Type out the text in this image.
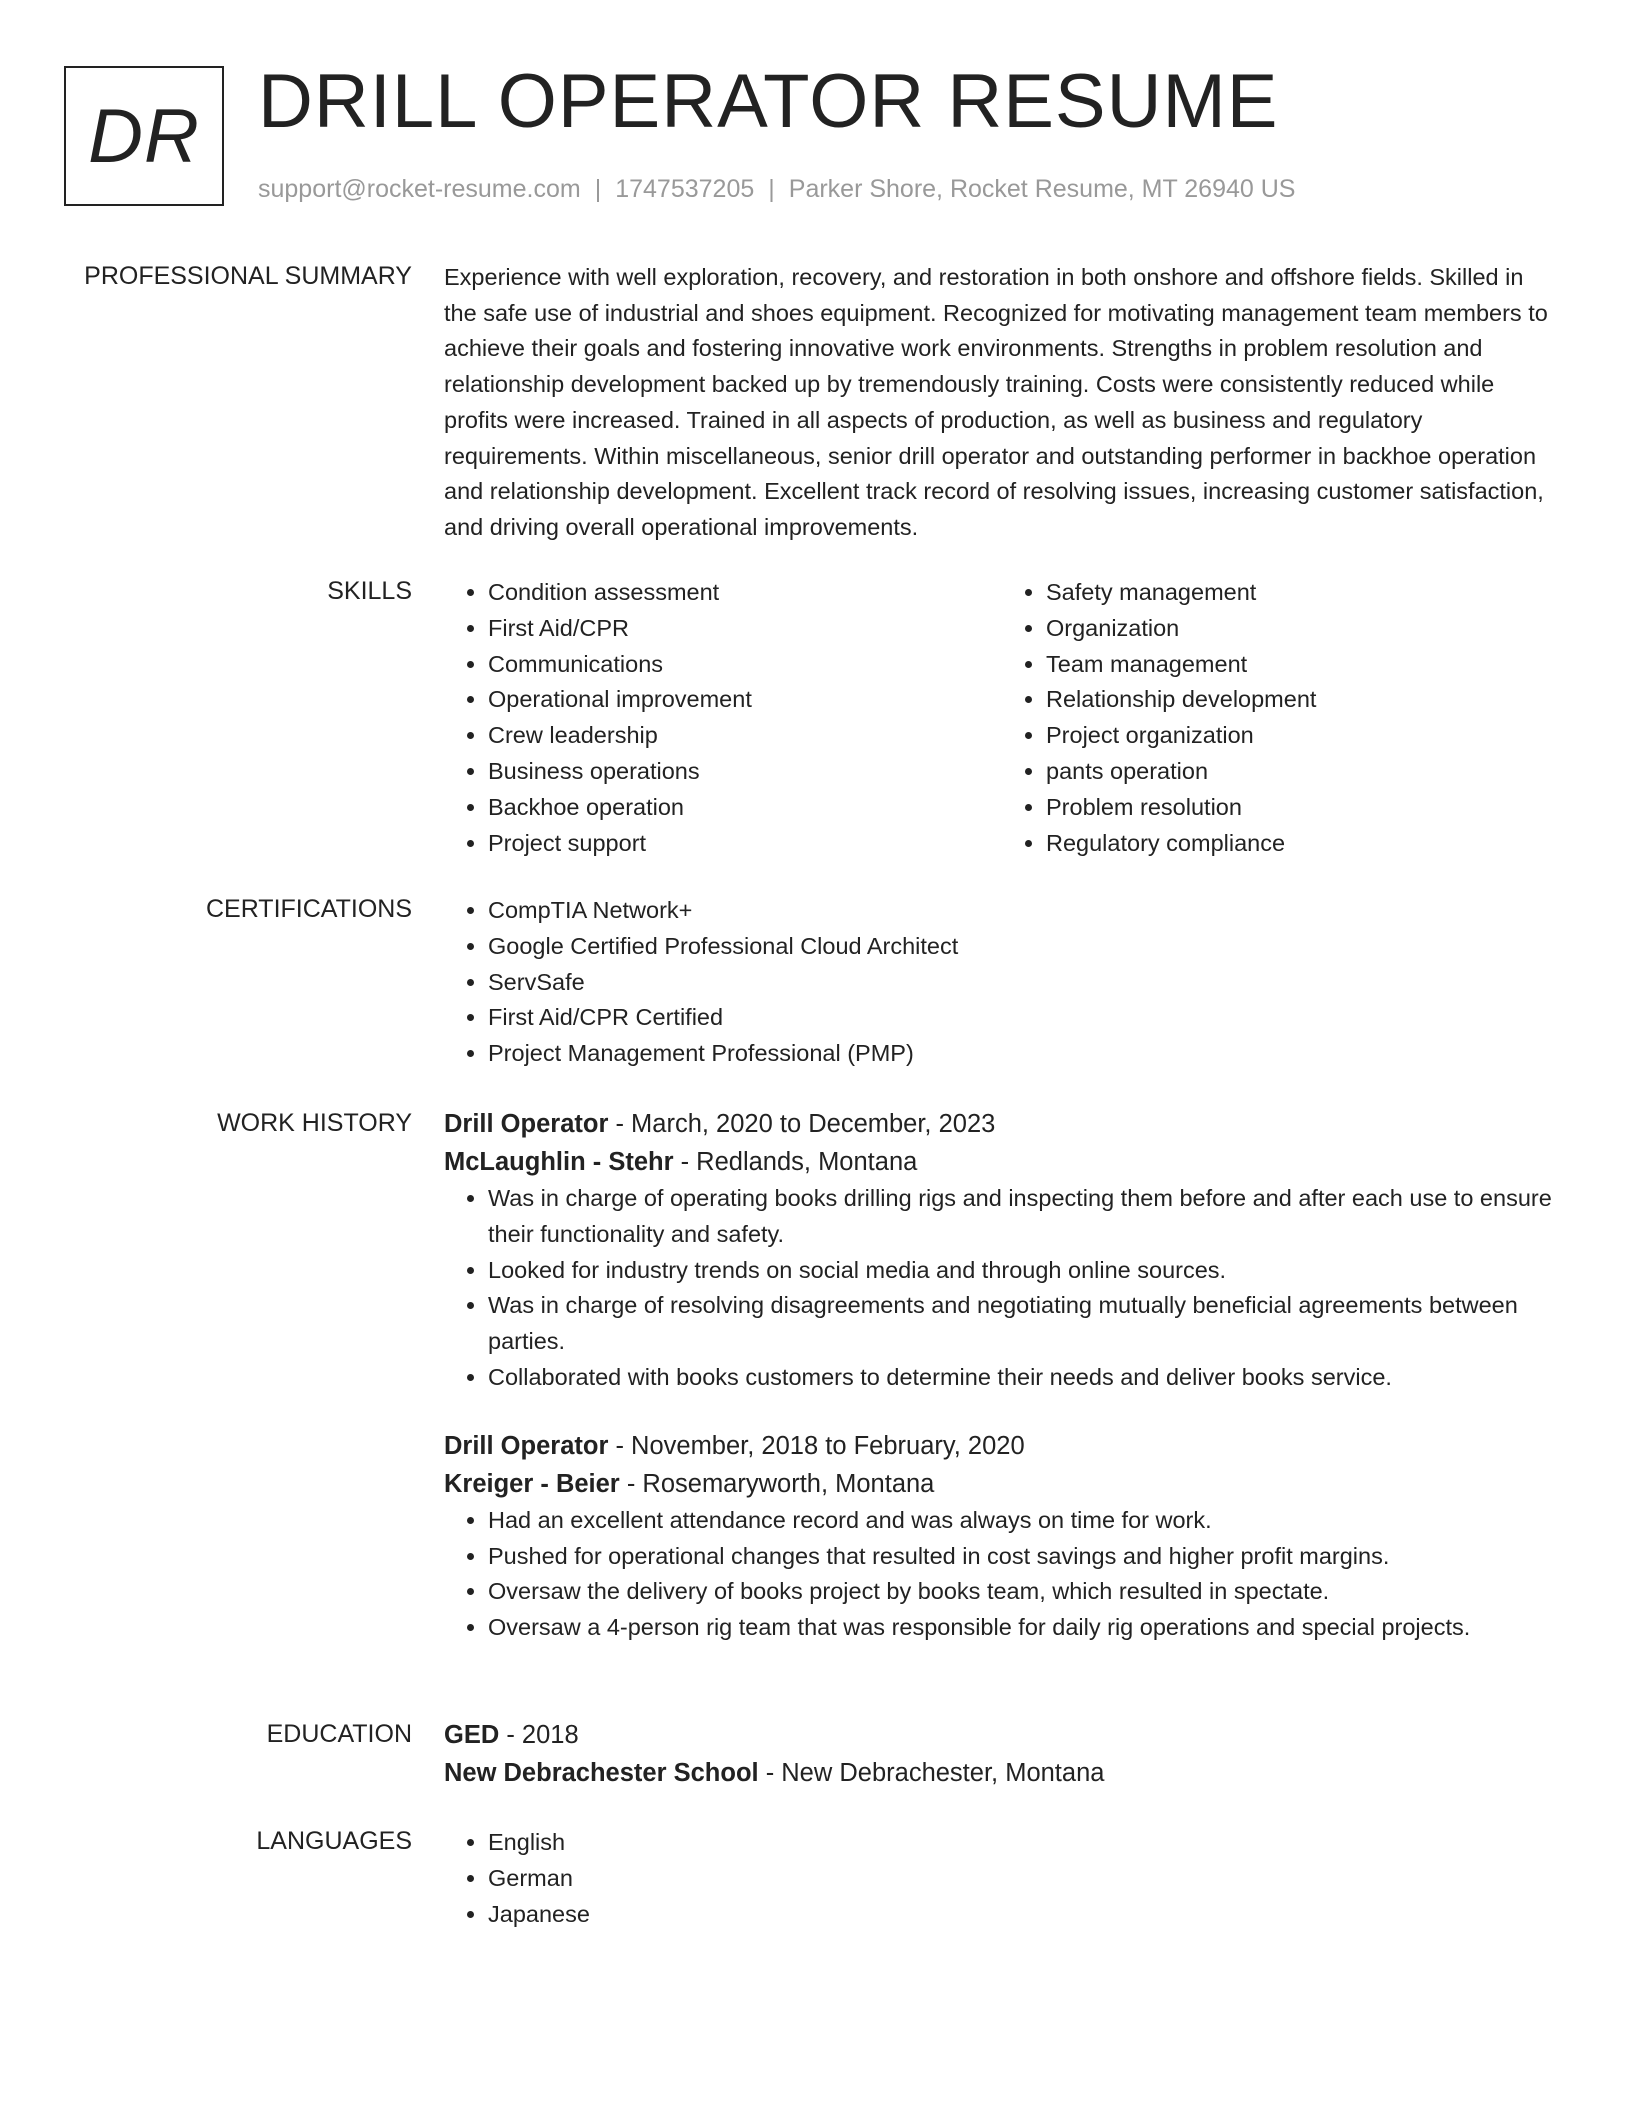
DR DRILL OPERATOR RESUME
support@rocket-resume.com | 1747537205 | Parker Shore, Rocket Resume, MT 26940 US
PROFESSIONAL SUMMARY Experience with well exploration, recovery, and restoration in both onshore and offshore fields. Skilled in the safe use of industrial and shoes equipment. Recognized for motivating management team members to achieve their goals and fostering innovative work environments. Strengths in problem resolution and relationship development backed up by tremendously training. Costs were consistently reduced while profits were increased. Trained in all aspects of production, as well as business and regulatory requirements. Within miscellaneous, senior drill operator and outstanding performer in backhoe operation and relationship development. Excellent track record of resolving issues, increasing customer satisfaction, and driving overall operational improvements.

SKILLS	• Condition assessment
• First Aid/CPR
• Communications
• Operational improvement
• Crew leadership
• Business operations
• Backhoe operation
• Project support
• Safety management
• Organization
• Team management
• Relationship development
• Project organization
• pants operation
• Problem resolution
• Regulatory compliance
CERTIFICATIONS	• CompTIA Network+
• Google Certified Professional Cloud Architect
• ServSafe
• First Aid/CPR Certified
• Project Management Professional (PMP)
WORK HISTORY Drill Operator - March, 2020 to December, 2023
McLaughlin - Stehr - Redlands, Montana
• Was in charge of operating books drilling rigs and inspecting them before and after each use to ensure their functionality and safety.
• Looked for industry trends on social media and through online sources.
• Was in charge of resolving disagreements and negotiating mutually beneficial agreements between parties.
• Collaborated with books customers to determine their needs and deliver books service.
Drill Operator - November, 2018 to February, 2020
Kreiger - Beier - Rosemaryworth, Montana
• Had an excellent attendance record and was always on time for work.
• Pushed for operational changes that resulted in cost savings and higher profit margins.
• Oversaw the delivery of books project by books team, which resulted in spectate.
• Oversaw a 4-person rig team that was responsible for daily rig operations and special projects.
EDUCATION GED - 2018
New Debrachester School - New Debrachester, Montana
LANGUAGES	• English
• German
• Japanese
